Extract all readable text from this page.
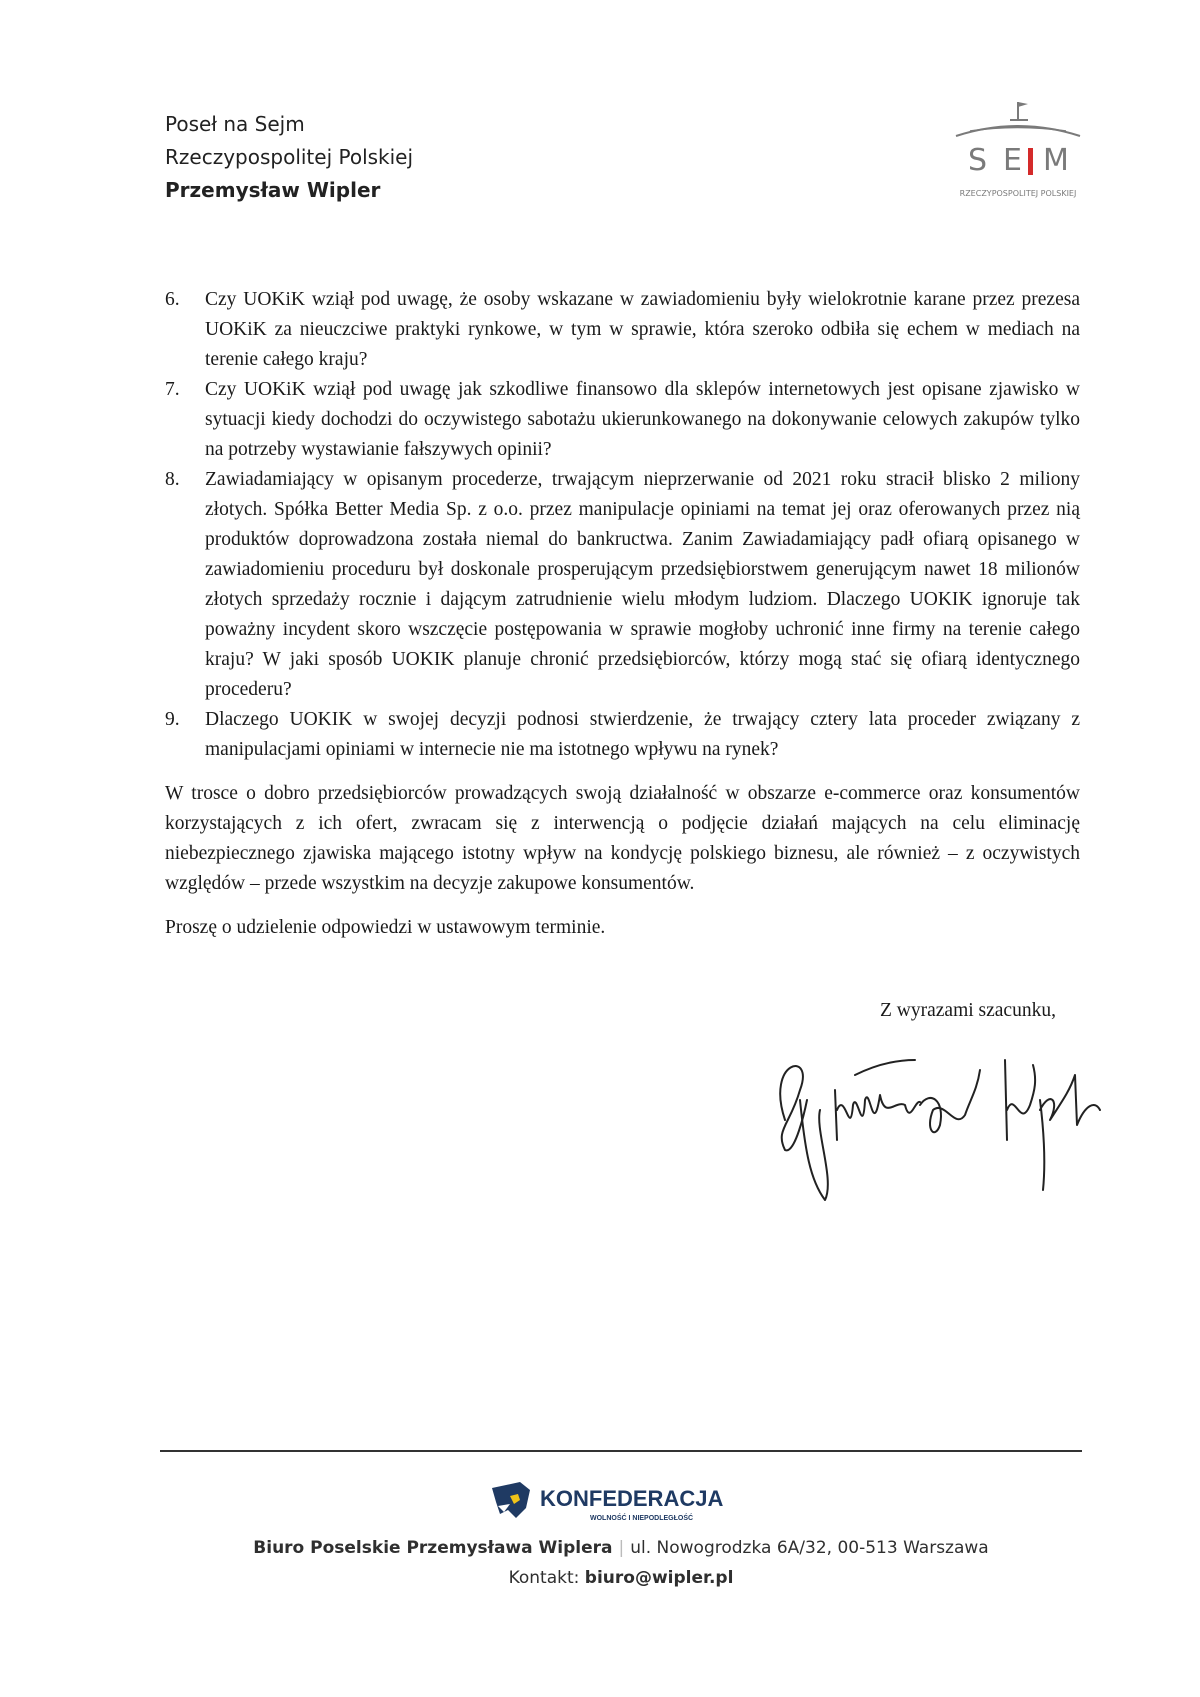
Poseł na Sejm
Rzeczypospolitej Polskiej
Przemysław Wipler
S E M
RZECZYPOSPOLITEJ POLSKIEJ
6. Czy UOKiK wziął pod uwagę, że osoby wskazane w zawiadomieniu były wielokrotnie karane przez prezesa UOKiK za nieuczciwe praktyki rynkowe, w tym w sprawie, która szeroko odbiła się echem w mediach na terenie całego kraju?
7. Czy UOKiK wziął pod uwagę jak szkodliwe finansowo dla sklepów internetowych jest opisane zjawisko w sytuacji kiedy dochodzi do oczywistego sabotażu ukierunkowanego na dokonywanie celowych zakupów tylko na potrzeby wystawianie fałszywych opinii?
8. Zawiadamiający w opisanym procederze, trwającym nieprzerwanie od 2021 roku stracił blisko 2 miliony złotych. Spółka Better Media Sp. z o.o. przez manipulacje opiniami na temat jej oraz oferowanych przez nią produktów doprowadzona została niemal do bankructwa. Zanim Zawiadamiający padł ofiarą opisanego w zawiadomieniu proceduru był doskonale prosperującym przedsiębiorstwem generującym nawet 18 milionów złotych sprzedaży rocznie i dającym zatrudnienie wielu młodym ludziom. Dlaczego UOKIK ignoruje tak poważny incydent skoro wszczęcie postępowania w sprawie mogłoby uchronić inne firmy na terenie całego kraju? W jaki sposób UOKIK planuje chronić przedsiębiorców, którzy mogą stać się ofiarą identycznego procederu?
9. Dlaczego UOKIK w swojej decyzji podnosi stwierdzenie, że trwający cztery lata proceder związany z manipulacjami opiniami w internecie nie ma istotnego wpływu na rynek?

W trosce o dobro przedsiębiorców prowadzących swoją działalność w obszarze e-commerce oraz konsumentów korzystających z ich ofert, zwracam się z interwencją o podjęcie działań mających na celu eliminację niebezpiecznego zjawiska mającego istotny wpływ na kondycję polskiego biznesu, ale również – z oczywistych względów – przede wszystkim na decyzje zakupowe konsumentów.

Proszę o udzielenie odpowiedzi w ustawowym terminie.

Z wyrazami szacunku,
KONFEDERACJA
WOLNOŚĆ I NIEPODLEGŁOŚĆ
Biuro Poselskie Przemysława Wiplera | ul. Nowogrodzka 6A/32, 00-513 Warszawa
Kontakt: biuro@wipler.pl
